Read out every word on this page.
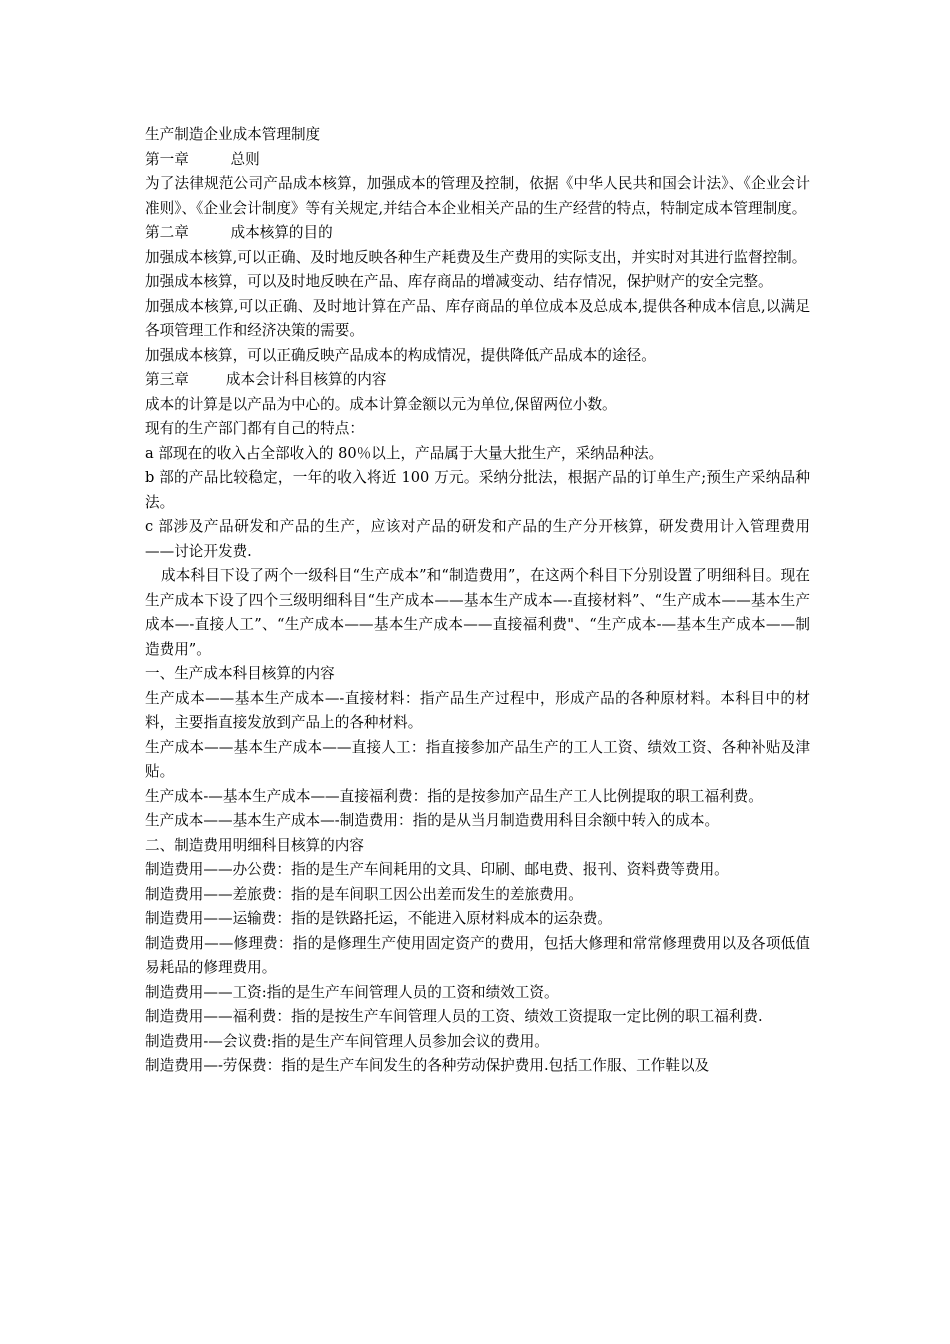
生产制造企业成本管理制度

第一章         总则

为了法律规范公司产品成本核算，加强成本的管理及控制，依据《中华人民共和国会计法》、《企业会计准则》、《企业会计制度》等有关规定,并结合本企业相关产品的生产经营的特点，特制定成本管理制度。

第二章         成本核算的目的

加强成本核算,可以正确、及时地反映各种生产耗费及生产费用的实际支出，并实时对其进行监督控制。

加强成本核算，可以及时地反映在产品、库存商品的增减变动、结存情况，保护财产的安全完整。

加强成本核算,可以正确、及时地计算在产品、库存商品的单位成本及总成本,提供各种成本信息,以满足各项管理工作和经济决策的需要。

加强成本核算，可以正确反映产品成本的构成情况，提供降低产品成本的途径。

第三章        成本会计科目核算的内容

成本的计算是以产品为中心的。成本计算金额以元为单位,保留两位小数。

现有的生产部门都有自己的特点：

a 部现在的收入占全部收入的 80％以上，产品属于大量大批生产，采纳品种法。

b 部的产品比较稳定，一年的收入将近 100 万元。采纳分批法，根据产品的订单生产;预生产采纳品种法。

c 部涉及产品研发和产品的生产，应该对产品的研发和产品的生产分开核算，研发费用计入管理费用——讨论开发费.

成本科目下设了两个一级科目“生产成本”和“制造费用”，在这两个科目下分别设置了明细科目。现在生产成本下设了四个三级明细科目“生产成本——基本生产成本—-直接材料”、“生产成本——基本生产成本—-直接人工”、“生产成本——基本生产成本——直接福利费"、“生产成本-—基本生产成本——制造费用”。

一、生产成本科目核算的内容

生产成本——基本生产成本—-直接材料：指产品生产过程中，形成产品的各种原材料。本科目中的材料，主要指直接发放到产品上的各种材料。

生产成本——基本生产成本——直接人工：指直接参加产品生产的工人工资、绩效工资、各种补贴及津贴。

生产成本-—基本生产成本——直接福利费：指的是按参加产品生产工人比例提取的职工福利费。

生产成本——基本生产成本—-制造费用：指的是从当月制造费用科目余额中转入的成本。

二、制造费用明细科目核算的内容

制造费用——办公费：指的是生产车间耗用的文具、印刷、邮电费、报刊、资料费等费用。

制造费用——差旅费：指的是车间职工因公出差而发生的差旅费用。

制造费用——运输费：指的是铁路托运，不能进入原材料成本的运杂费。

制造费用——修理费：指的是修理生产使用固定资产的费用，包括大修理和常常修理费用以及各项低值易耗品的修理费用。

制造费用——工资:指的是生产车间管理人员的工资和绩效工资。

制造费用——福利费：指的是按生产车间管理人员的工资、绩效工资提取一定比例的职工福利费.

制造费用-—会议费:指的是生产车间管理人员参加会议的费用。

制造费用—-劳保费：指的是生产车间发生的各种劳动保护费用.包括工作服、工作鞋以及
